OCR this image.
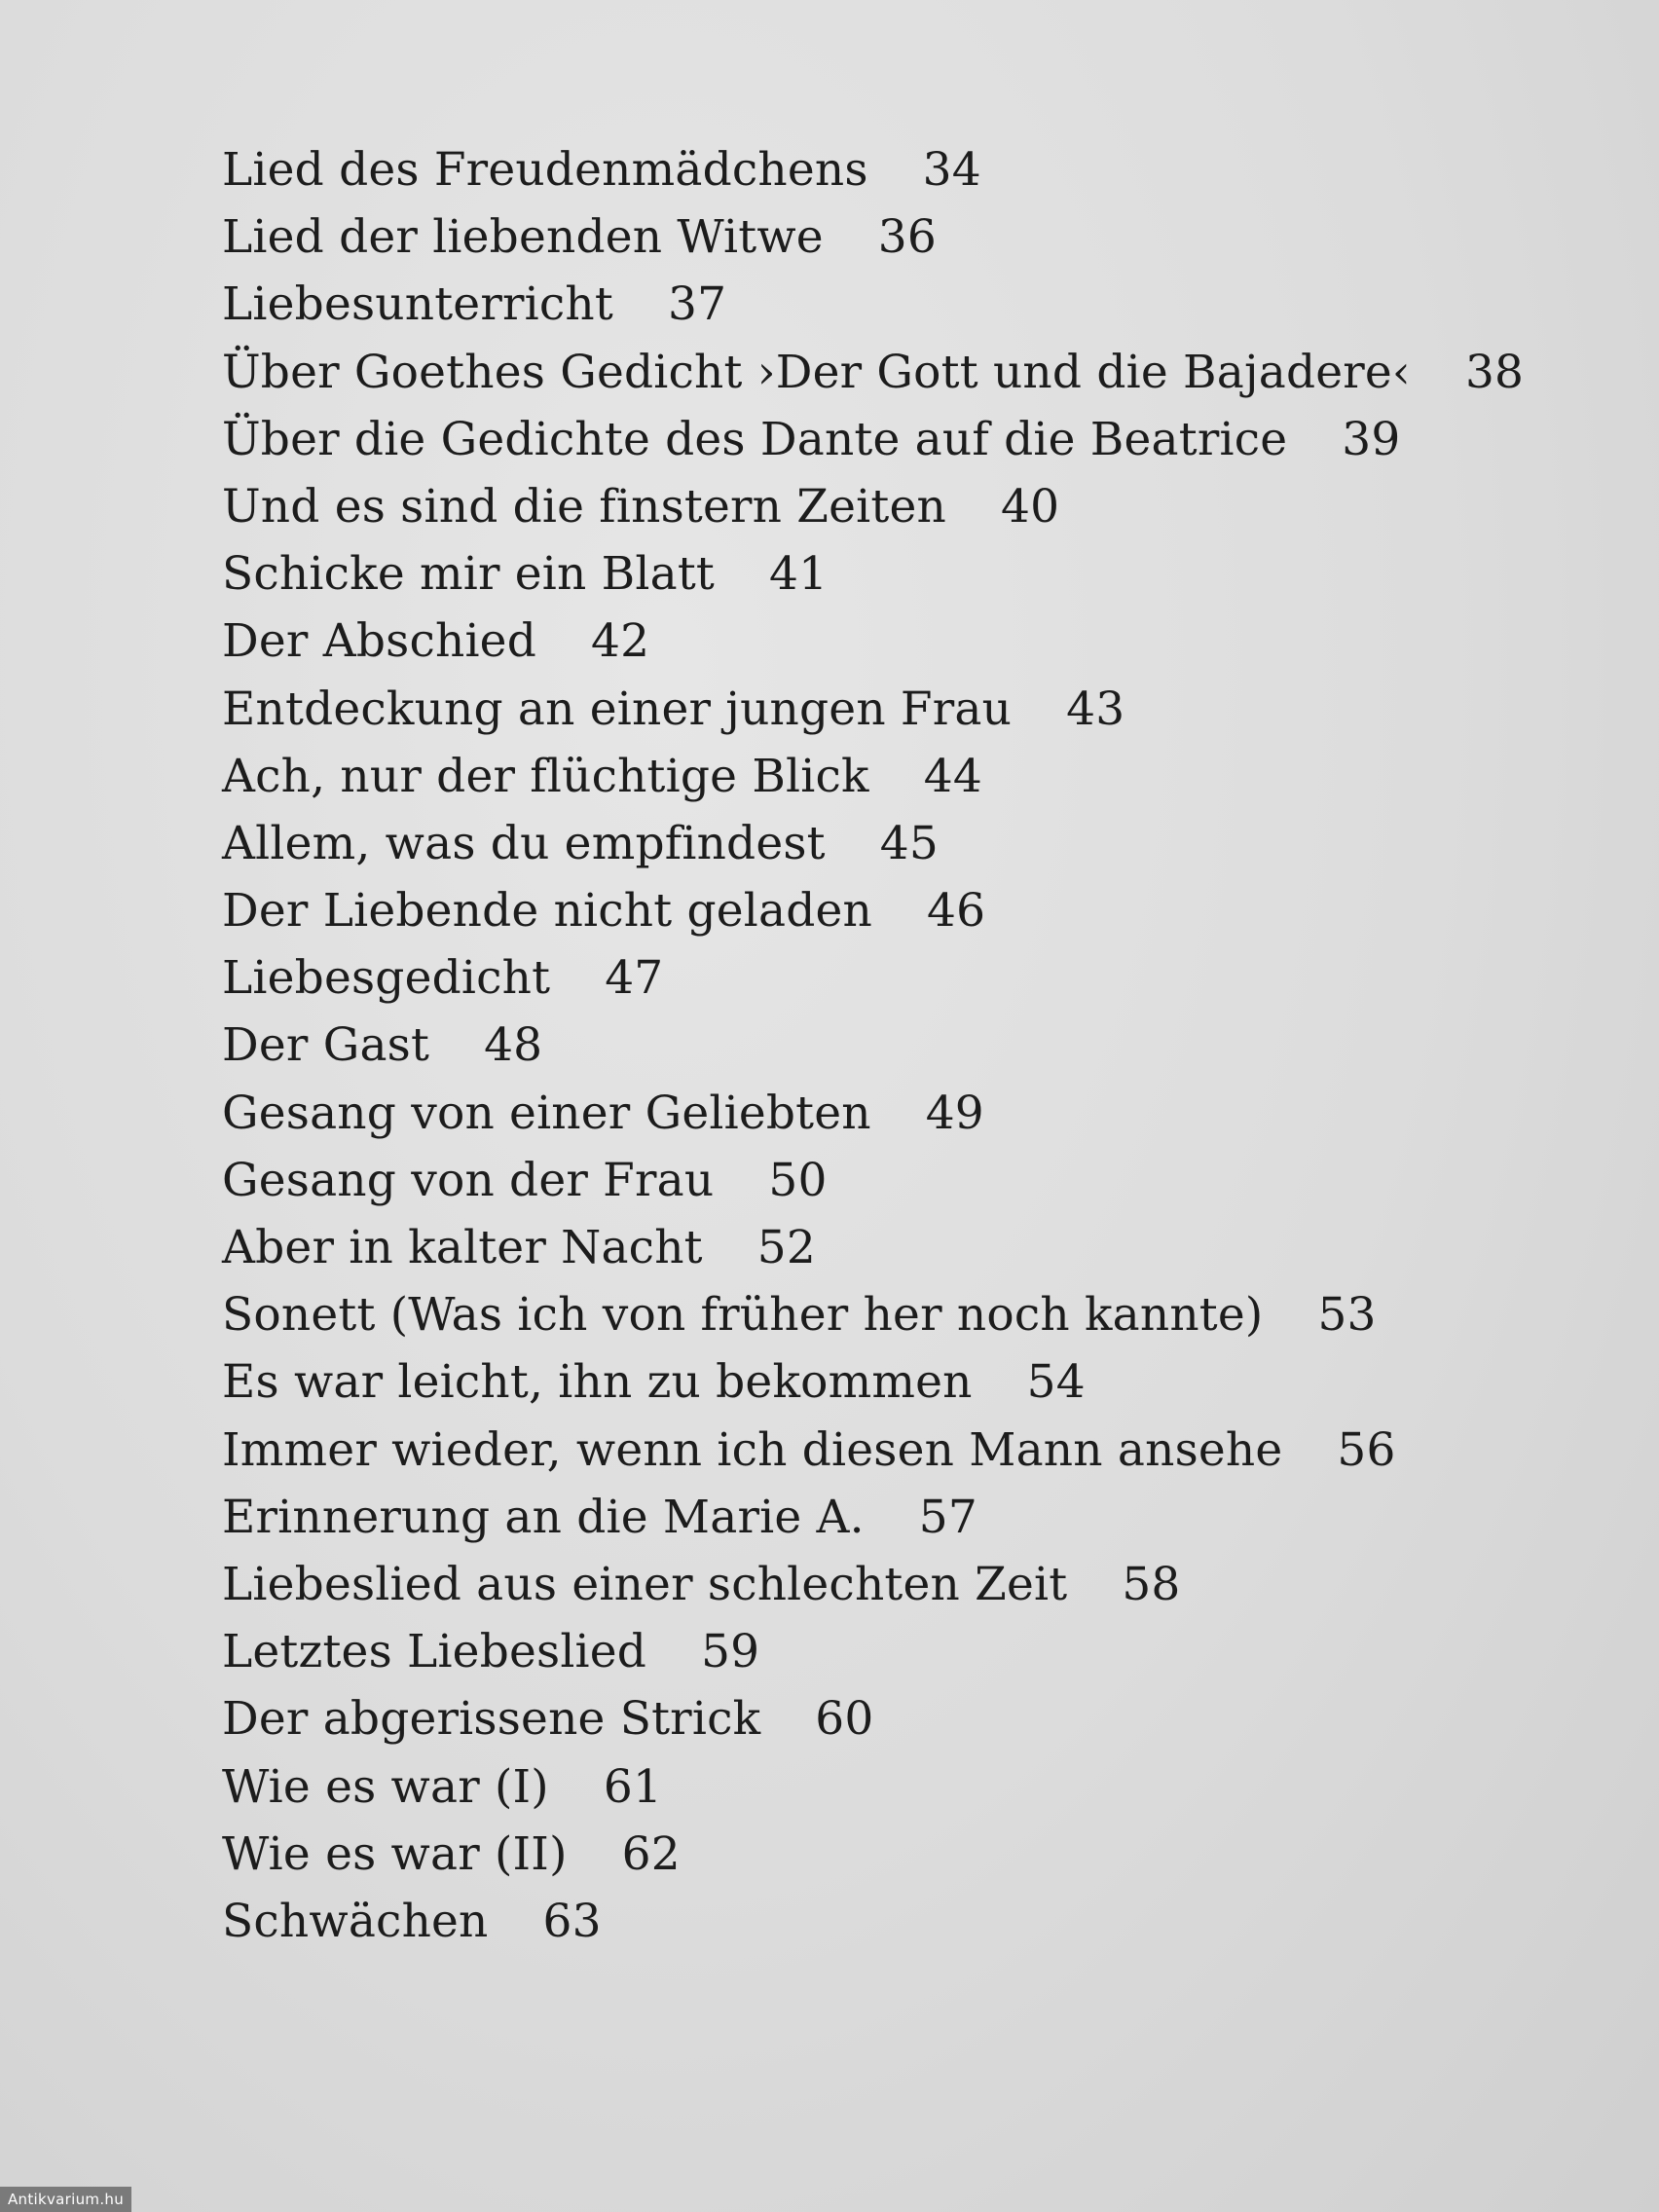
Lied des Freudenmädchens 34
Lied der liebenden Witwe 36
Liebesunterricht 37
Über Goethes Gedicht ›Der Gott und die Bajadere‹ 38
Über die Gedichte des Dante auf die Beatrice 39
Und es sind die finstern Zeiten 40
Schicke mir ein Blatt 41
Der Abschied 42
Entdeckung an einer jungen Frau 43
Ach, nur der flüchtige Blick 44
Allem, was du empfindest 45
Der Liebende nicht geladen 46
Liebesgedicht 47
Der Gast 48
Gesang von einer Geliebten 49
Gesang von der Frau 50
Aber in kalter Nacht 52
Sonett (Was ich von früher her noch kannte) 53
Es war leicht, ihn zu bekommen 54
Immer wieder, wenn ich diesen Mann ansehe 56
Erinnerung an die Marie A. 57
Liebeslied aus einer schlechten Zeit 58
Letztes Liebeslied 59
Der abgerissene Strick 60
Wie es war (I) 61
Wie es war (II) 62
Schwächen 63
Antikvarium.hu
